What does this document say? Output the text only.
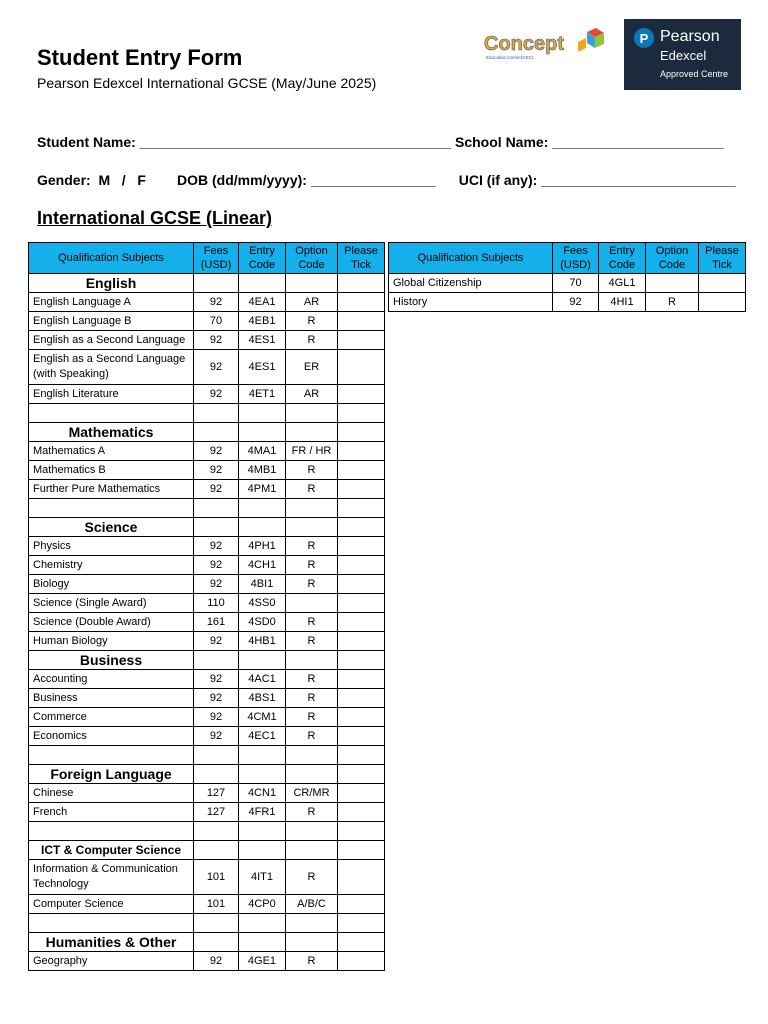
Student Entry Form
Pearson Edexcel International GCSE (May/June 2025)
Concept
Education Centre(CEC)
P Pearson
Edexcel
Approved Centre
Student Name: ________________________________________ School Name: ______________________
Gender:  M   /   F        DOB (dd/mm/yyyy): ________________      UCI (if any): _________________________
International GCSE (Linear)
Qualification Subjects	Fees (USD)	Entry Code	Option Code	Please Tick
English				
English Language A	92	4EA1	AR	
English Language B	70	4EB1	R	
English as a Second Language	92	4ES1	R	
English as a Second Language (with Speaking)	92	4ES1	ER	
English Literature	92	4ET1	AR	

Mathematics				
Mathematics A	92	4MA1	FR / HR	
Mathematics B	92	4MB1	R	
Further Pure Mathematics	92	4PM1	R	

Science				
Physics	92	4PH1	R	
Chemistry	92	4CH1	R	
Biology	92	4BI1	R	
Science (Single Award)	110	4SS0		
Science (Double Award)	161	4SD0	R	
Human Biology	92	4HB1	R	
Business				
Accounting	92	4AC1	R	
Business	92	4BS1	R	
Commerce	92	4CM1	R	
Economics	92	4EC1	R	

Foreign Language				
Chinese	127	4CN1	CR/MR	
French	127	4FR1	R	

ICT & Computer Science				
Information & Communication Technology	101	4IT1	R	
Computer Science	101	4CP0	A/B/C	

Humanities & Other				
Geography	92	4GE1	R	
Qualification Subjects	Fees (USD)	Entry Code	Option Code	Please Tick
Global Citizenship	70	4GL1		
History	92	4HI1	R	
